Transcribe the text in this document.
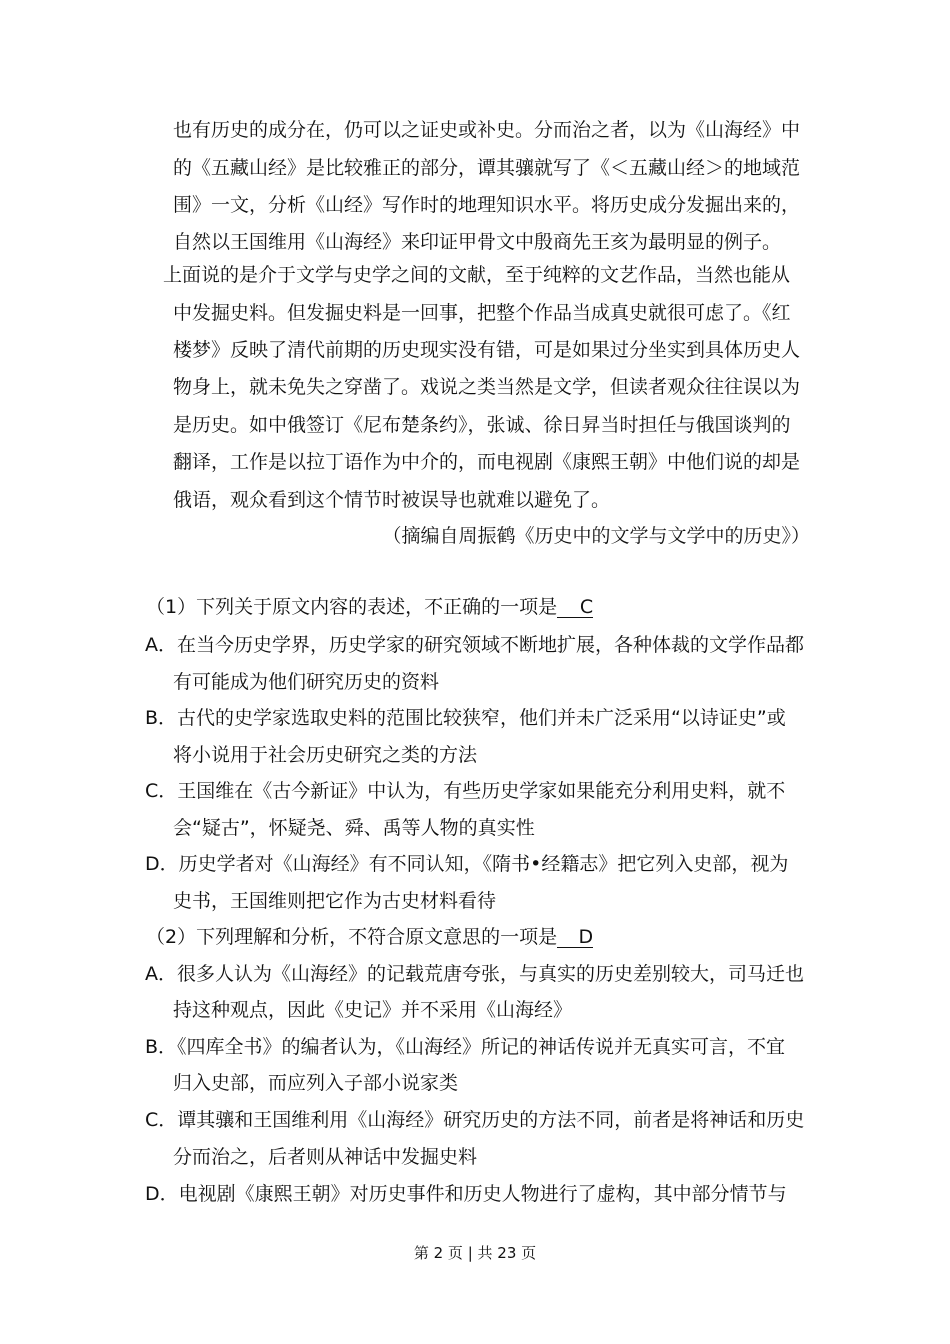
也有历史的成分在，仍可以之证史或补史。分而治之者，以为《山海经》中
的《五藏山经》是比较雅正的部分，谭其骧就写了《＜五藏山经＞的地域范
围》一文，分析《山经》写作时的地理知识水平。将历史成分发掘出来的，
自然以王国维用《山海经》来印证甲骨文中殷商先王亥为最明显的例子。
上面说的是介于文学与史学之间的文献，至于纯粹的文艺作品，当然也能从
中发掘史料。但发掘史料是一回事，把整个作品当成真史就很可虑了。《红
楼梦》反映了清代前期的历史现实没有错，可是如果过分坐实到具体历史人
物身上，就未免失之穿凿了。戏说之类当然是文学，但读者观众往往误以为
是历史。如中俄签订《尼布楚条约》，张诚、徐日昇当时担任与俄国谈判的
翻译，工作是以拉丁语作为中介的，而电视剧《康熙王朝》中他们说的却是
俄语，观众看到这个情节时被误导也就难以避免了。
（摘编自周振鹤《历史中的文学与文学中的历史》）
（1）下列关于原文内容的表述，不正确的一项是 C
A．在当今历史学界，历史学家的研究领域不断地扩展，各种体裁的文学作品都
有可能成为他们研究历史的资料
B．古代的史学家选取史料的范围比较狭窄，他们并未广泛采用“以诗证史”或
将小说用于社会历史研究之类的方法
C．王国维在《古今新证》中认为，有些历史学家如果能充分利用史料，就不
会“疑古”，怀疑尧、舜、禹等人物的真实性
D．历史学者对《山海经》有不同认知，《隋书•经籍志》把它列入史部，视为
史书，王国维则把它作为古史材料看待
（2）下列理解和分析，不符合原文意思的一项是 D
A．很多人认为《山海经》的记载荒唐夸张，与真实的历史差别较大，司马迁也
持这种观点，因此《史记》并不采用《山海经》
B．《四库全书》的编者认为，《山海经》所记的神话传说并无真实可言，不宜
归入史部，而应列入子部小说家类
C．谭其骧和王国维利用《山海经》研究历史的方法不同，前者是将神话和历史
分而治之，后者则从神话中发掘史料
D．电视剧《康熙王朝》对历史事件和历史人物进行了虚构，其中部分情节与
第 2 页 | 共 23 页
